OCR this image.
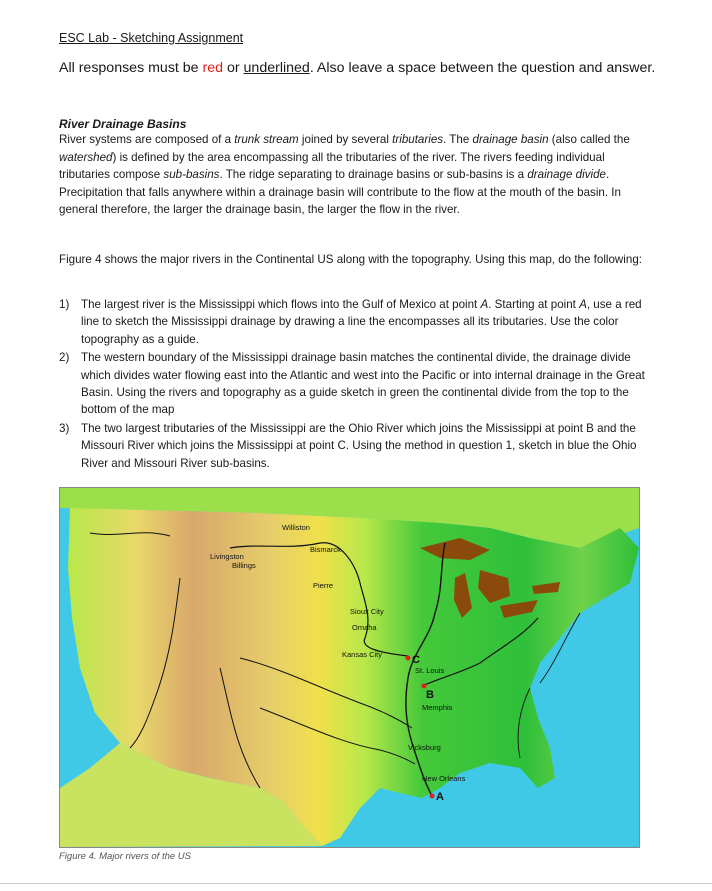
ESC Lab - Sketching Assignment
All responses must be red or underlined. Also leave a space between the question and answer.
River Drainage Basins
River systems are composed of a trunk stream joined by several tributaries. The drainage basin (also called the watershed) is defined by the area encompassing all the tributaries of the river. The rivers feeding individual tributaries compose sub-basins. The ridge separating to drainage basins or sub-basins is a drainage divide. Precipitation that falls anywhere within a drainage basin will contribute to the flow at the mouth of the basin. In general therefore, the larger the drainage basin, the larger the flow in the river.
Figure 4 shows the major rivers in the Continental US along with the topography. Using this map, do the following:
1) The largest river is the Mississippi which flows into the Gulf of Mexico at point A. Starting at point A, use a red line to sketch the Mississippi drainage by drawing a line the encompasses all its tributaries. Use the color topography as a guide.
2) The western boundary of the Mississippi drainage basin matches the continental divide, the drainage divide which divides water flowing east into the Atlantic and west into the Pacific or into internal drainage in the Great Basin. Using the rivers and topography as a guide sketch in green the continental divide from the top to the bottom of the map
3) The two largest tributaries of the Mississippi are the Ohio River which joins the Mississippi at point B and the Missouri River which joins the Mississippi at point C. Using the method in question 1, sketch in blue the Ohio River and Missouri River sub-basins.
Williston
Bismarck
Livingston
Billings
Pierre
Sioux City
Omaha
Kansas City
St. Louis
Memphis
Vicksburg
New Orleans
C
B
A
Figure 4. Major rivers of the US
